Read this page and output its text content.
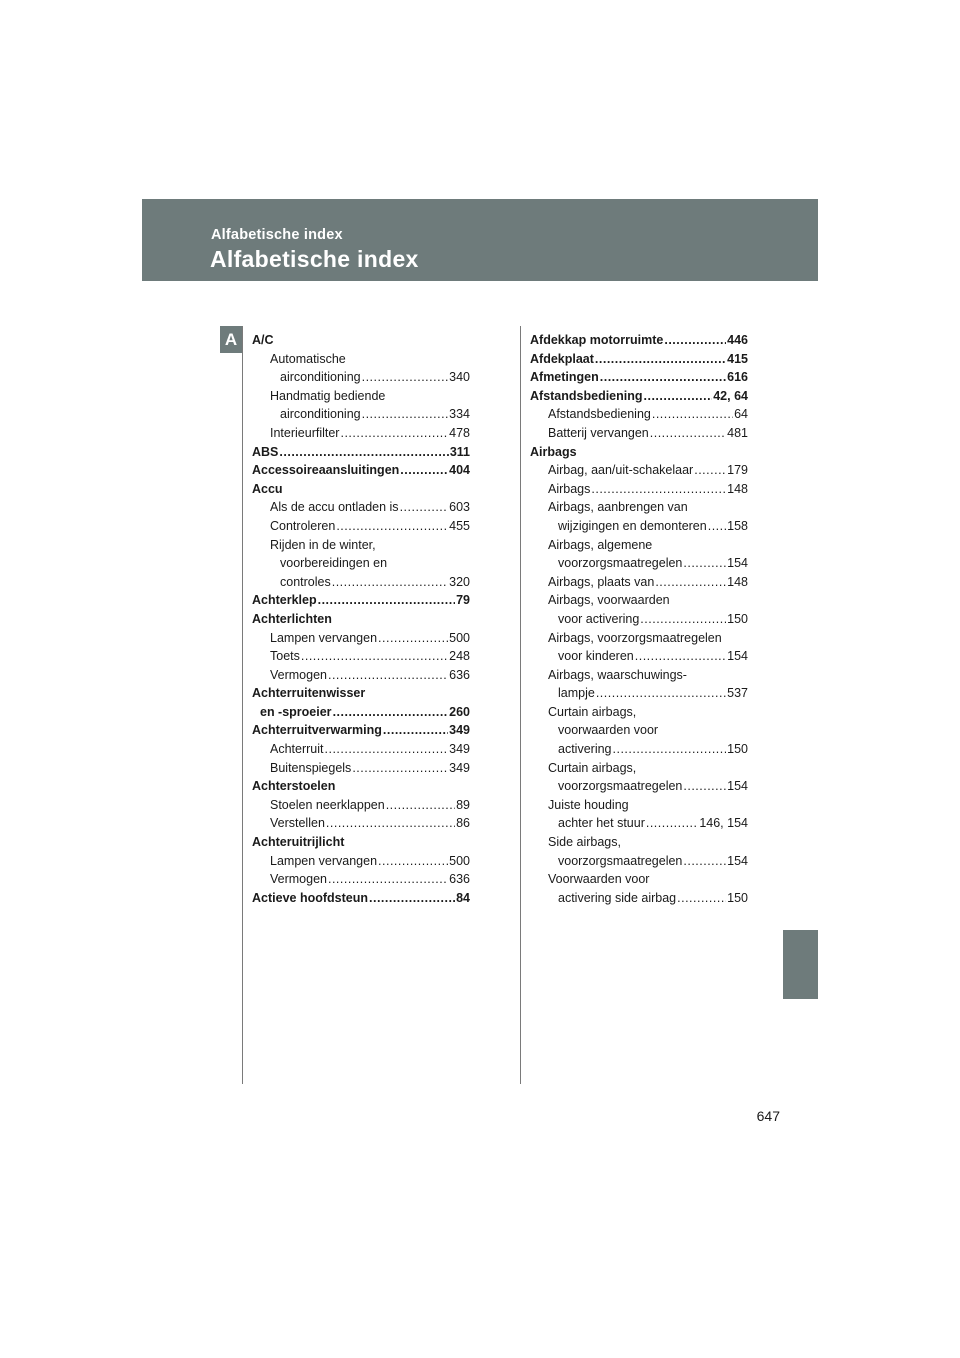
Alfabetische index
Alfabetische index
A	A/C
Automatische
airconditioning .....	340
Handmatig bediende
airconditioning .....	334
Interieurfilter .....	478
ABS .....	311
Accessoireaansluitingen .....	404
Accu
Als de accu ontladen is .....	603
Controleren .....	455
Rijden in de winter,
voorbereidingen en
controles .....	320
Achterklep .....	79
Achterlichten
Lampen vervangen .....	500
Toets .....	248
Vermogen .....	636
Achterruitenwisser
en -sproeier .....	260
Achterruitverwarming .....	349
Achterruit .....	349
Buitenspiegels .....	349
Achterstoelen
Stoelen neerklappen .....	89
Verstellen .....	86
Achteruitrijlicht
Lampen vervangen .....	500
Vermogen .....	636
Actieve hoofdsteun .....	84
Afdekkap motorruimte .....	446
Afdekplaat .....	415
Afmetingen .....	616
Afstandsbediening .....	42, 64
Afstandsbediening .....	64
Batterij vervangen .....	481
Airbags
Airbag, aan/uit-schakelaar .....	179
Airbags .....	148
Airbags, aanbrengen van
wijzigingen en demonteren ..... 158
Airbags, algemene
voorzorgsmaatregelen .....	154
Airbags, plaats van .....	148
Airbags, voorwaarden
voor activering .....	150
Airbags, voorzorgsmaatregelen
voor kinderen .....	154
Airbags, waarschuwings-
lampje .....	537
Curtain airbags,
voorwaarden voor
activering .....	150
Curtain airbags,
voorzorgsmaatregelen .....	154
Juiste houding
achter het stuur .....	146, 154
Side airbags,
voorzorgsmaatregelen .....	154
Voorwaarden voor
activering side airbag .....	150
647
